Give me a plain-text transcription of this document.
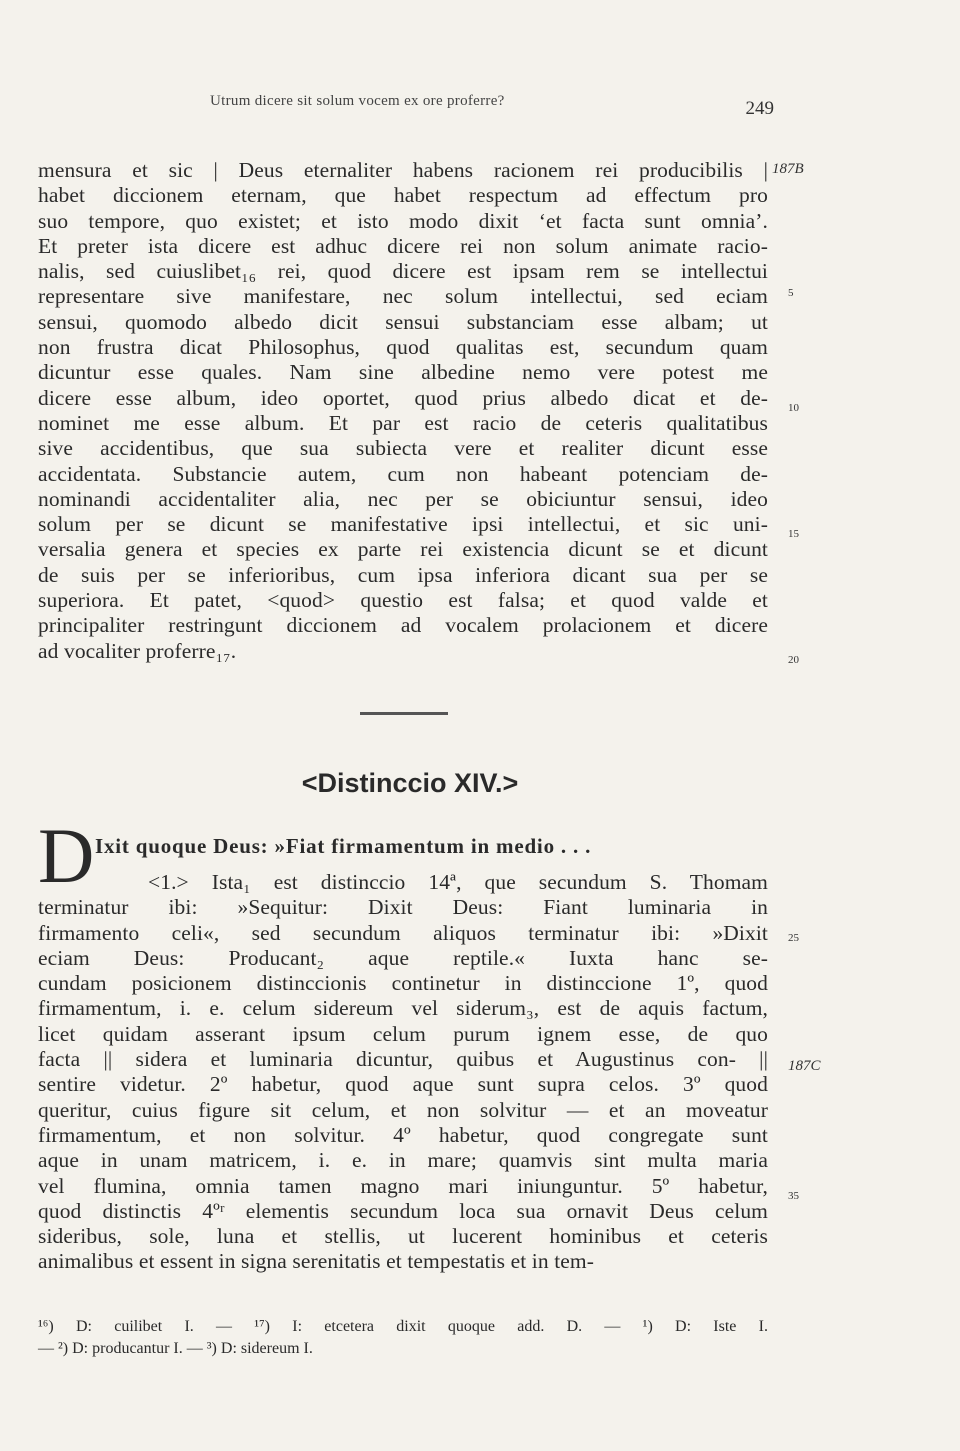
Utrum dicere sit solum vocem ex ore proferre?	249
mensura et sic | Deus eternaliter habens racionem rei producibilis |
habet diccionem eternam, que habet respectum ad effectum pro
suo tempore, quo existet; et isto modo dixit ‘et facta sunt omnia’.
Et preter ista dicere est adhuc dicere rei non solum animate racio-
nalis, sed cuiuslibet₁₆ rei, quod dicere est ipsam rem se intellectui
representare sive manifestare, nec solum intellectui, sed eciam
sensui, quomodo albedo dicit sensui substanciam esse albam; ut
non frustra dicat Philosophus, quod qualitas est, secundum quam
dicuntur esse quales. Nam sine albedine nemo vere potest me
dicere esse album, ideo oportet, quod prius albedo dicat et de-
nominet me esse album. Et par est racio de ceteris qualitatibus
sive accidentibus, que sua subiecta vere et realiter dicunt esse
accidentata. Substancie autem, cum non habeant potenciam de-
nominandi accidentaliter alia, nec per se obiciuntur sensui, ideo
solum per se dicunt se manifestative ipsi intellectui, et sic uni-
versalia genera et species ex parte rei existencia dicunt se et dicunt
de suis per se inferioribus, cum ipsa inferiora dicant sua per se
superiora. Et patet, <quod> questio est falsa; et quod valde et
principaliter restringunt diccionem ad vocalem prolacionem et dicere
ad vocaliter proferre₁₇.
187B
5
10
15
20
<Distinccio XIV.>
D Ixit quoque Deus: »Fiat firmamentum in medio . . .
<1.> Ista₁ est distinccio 14ª, que secundum S. Thomam
terminatur ibi: »Sequitur: Dixit Deus: Fiant luminaria in
firmamento celi«, sed secundum aliquos terminatur ibi: »Dixit
eciam Deus: Producant₂ aque reptile.« Iuxta hanc se-
cundam posicionem distinccionis continetur in distinccione 1º, quod
firmamentum, i. e. celum sidereum vel siderum₃, est de aquis factum,
licet quidam asserant ipsum celum purum ignem esse, de quo
facta || sidera et luminaria dicuntur, quibus et Augustinus con- ||
sentire videtur. 2º habetur, quod aque sunt supra celos. 3º quod
queritur, cuius figure sit celum, et non solvitur — et an moveatur
firmamentum, et non solvitur. 4º habetur, quod congregate sunt
aque in unam matricem, i. e. in mare; quamvis sint multa maria
vel flumina, omnia tamen magno mari iniunguntur. 5º habetur,
quod distinctis 4ºʳ elementis secundum loca sua ornavit Deus celum
sideribus, sole, luna et stellis, ut lucerent hominibus et ceteris
animalibus et essent in signa serenitatis et tempestatis et in tem-
25
187C
35
¹⁶) D: cuilibet I. — ¹⁷) I: etcetera dixit quoque add. D. — ¹) D: Iste I.
— ²) D: producantur I. — ³) D: sidereum I.
